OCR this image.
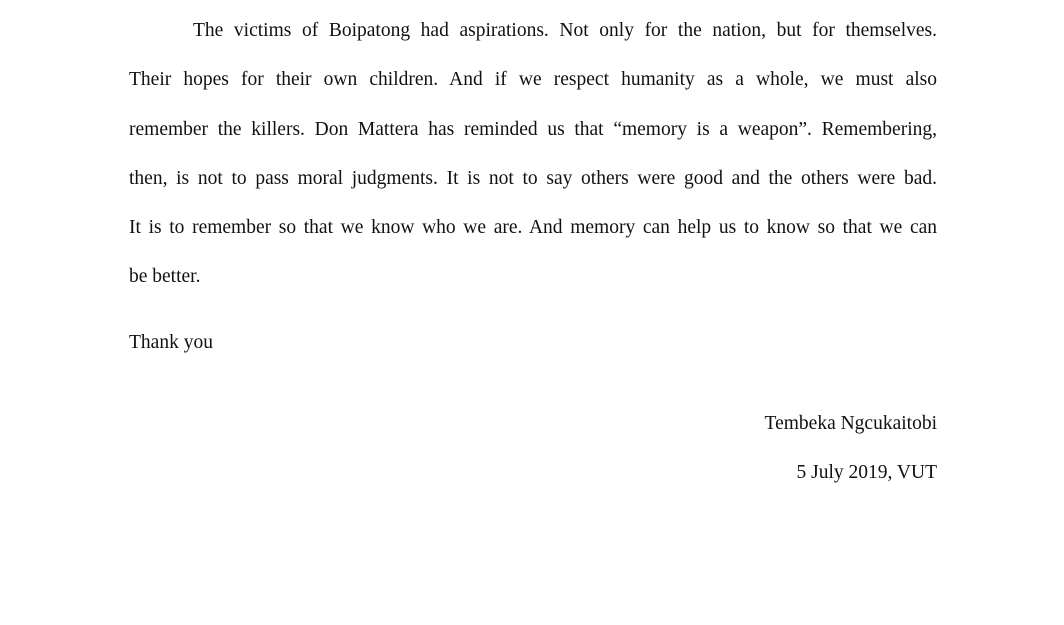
The victims of Boipatong had aspirations. Not only for the nation, but for themselves.
Their hopes for their own children. And if we respect humanity as a whole, we must also
remember the killers. Don Mattera has reminded us that “memory is a weapon”. Remembering,
then, is not to pass moral judgments. It is not to say others were good and the others were bad.
It is to remember so that we know who we are. And memory can help us to know so that we can
be better.

Thank you

Tembeka Ngcukaitobi
5 July 2019, VUT
